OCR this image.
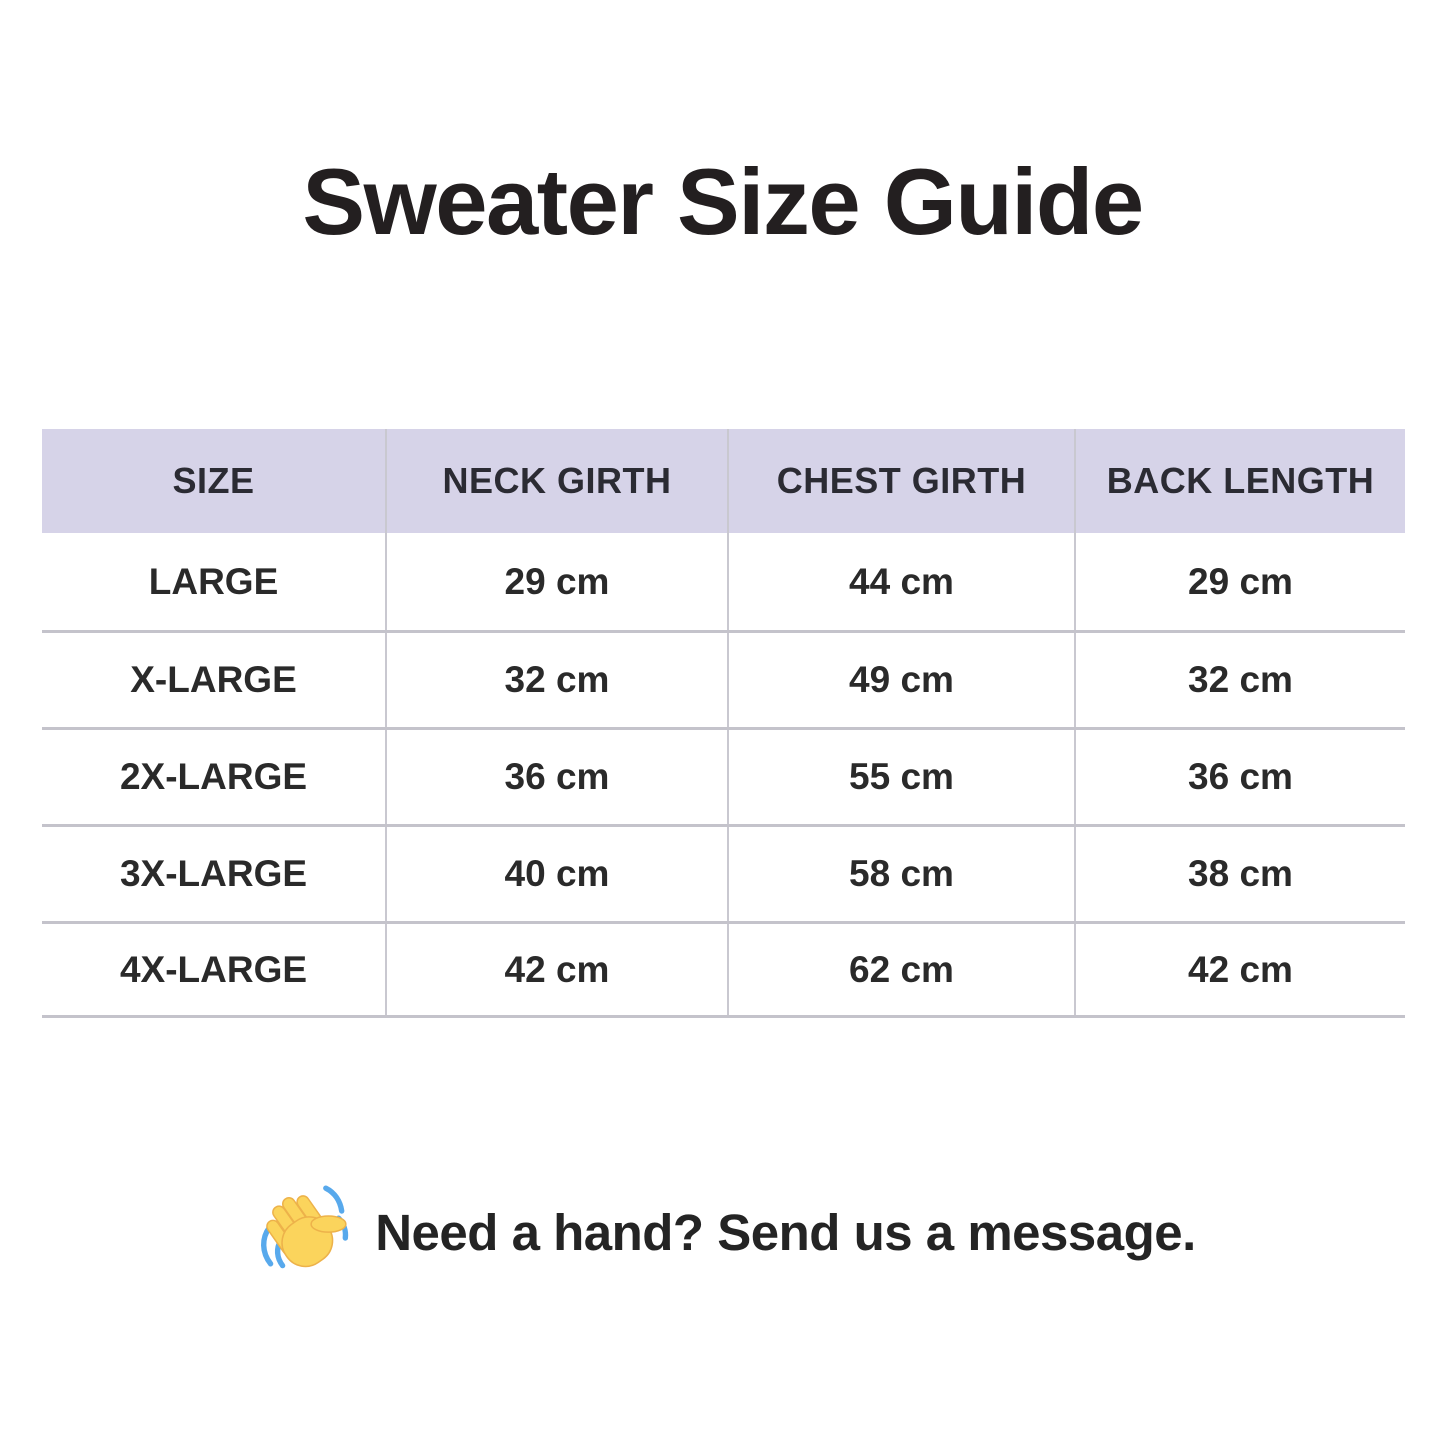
Sweater Size Guide
SIZE	NECK GIRTH	CHEST GIRTH	BACK LENGTH
LARGE	29 cm	44 cm	29 cm
X-LARGE	32 cm	49 cm	32 cm
2X-LARGE	36 cm	55 cm	36 cm
3X-LARGE	40 cm	58 cm	38 cm
4X-LARGE	42 cm	62 cm	42 cm
Need a hand? Send us a message.
